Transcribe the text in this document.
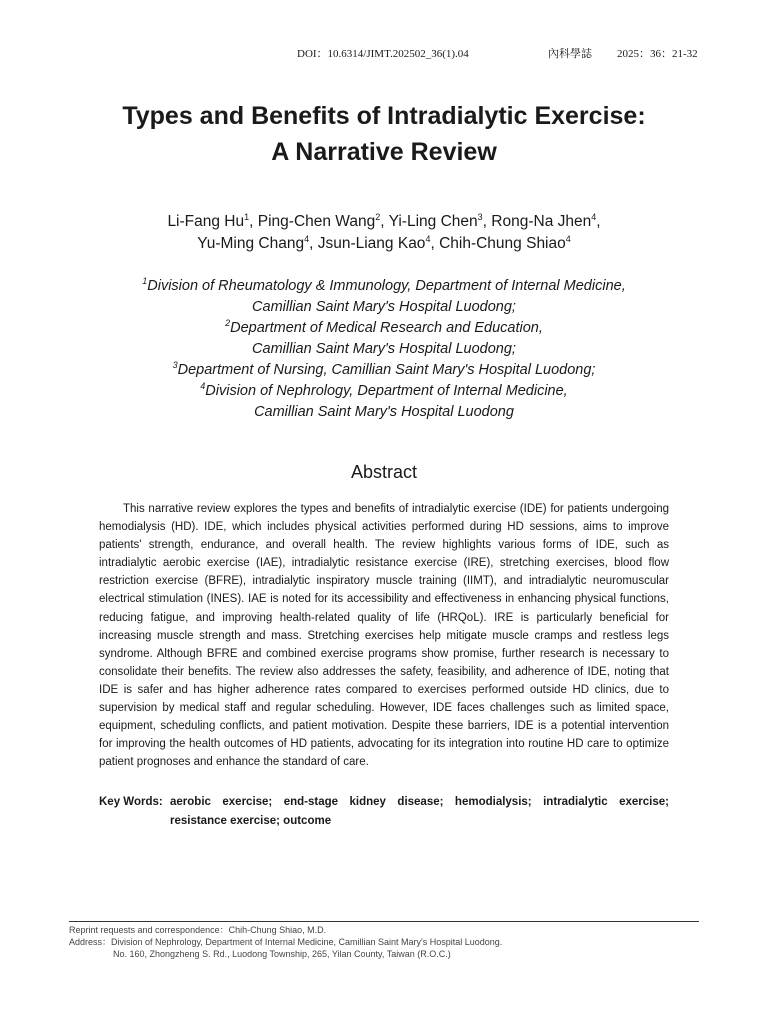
DOI：10.6314/JIMT.202502_36(1).04	內科學誌 2025：36：21-32
Types and Benefits of Intradialytic Exercise:
A Narrative Review
Li-Fang Hu$^1$, Ping-Chen Wang$^2$, Yi-Ling Chen$^3$, Rong-Na Jhen$^4$,
Yu-Ming Chang$^4$, Jsun-Liang Kao$^4$, Chih-Chung Shiao$^4$
$^1$Division of Rheumatology & Immunology, Department of Internal Medicine,
Camillian Saint Mary's Hospital Luodong;
$^2$Department of Medical Research and Education,
Camillian Saint Mary's Hospital Luodong;
$^3$Department of Nursing, Camillian Saint Mary's Hospital Luodong;
$^4$Division of Nephrology, Department of Internal Medicine,
Camillian Saint Mary's Hospital Luodong
Abstract

This narrative review explores the types and benefits of intradialytic exercise (IDE) for patients undergoing hemodialysis (HD). IDE, which includes physical activities performed during HD sessions, aims to improve patients' strength, endurance, and overall health. The review highlights various forms of IDE, such as intradialytic aerobic exercise (IAE), intradialytic resistance exercise (IRE), stretching exercises, blood flow restriction exercise (BFRE), intradialytic inspiratory muscle training (IIMT), and intradialytic neuromuscular electrical stimulation (INES). IAE is noted for its accessibility and effectiveness in enhancing physical functions, reducing fatigue, and improving health-related quality of life (HRQoL). IRE is particularly beneficial for increasing muscle strength and mass. Stretching exercises help mitigate muscle cramps and restless legs syndrome. Although BFRE and combined exercise programs show promise, further research is necessary to consolidate their benefits. The review also addresses the safety, feasibility, and adherence of IDE, noting that IDE is safer and has higher adherence rates compared to exercises performed outside HD clinics, due to supervision by medical staff and regular scheduling. However, IDE faces challenges such as limited space, equipment, scheduling conflicts, and patient motivation. Despite these barriers, IDE is a potential intervention for improving the health outcomes of HD patients, advocating for its integration into routine HD care to optimize patient prognoses and enhance the standard of care.

Key Words: aerobic exercise; end-stage kidney disease; hemodialysis; intradialytic exercise; resistance exercise; outcome
Reprint requests and correspondence：Chih-Chung Shiao, M.D.
Address：Division of Nephrology, Department of Internal Medicine, Camillian Saint Mary's Hospital Luodong.
No. 160, Zhongzheng S. Rd., Luodong Township, 265, Yilan County, Taiwan (R.O.C.)
